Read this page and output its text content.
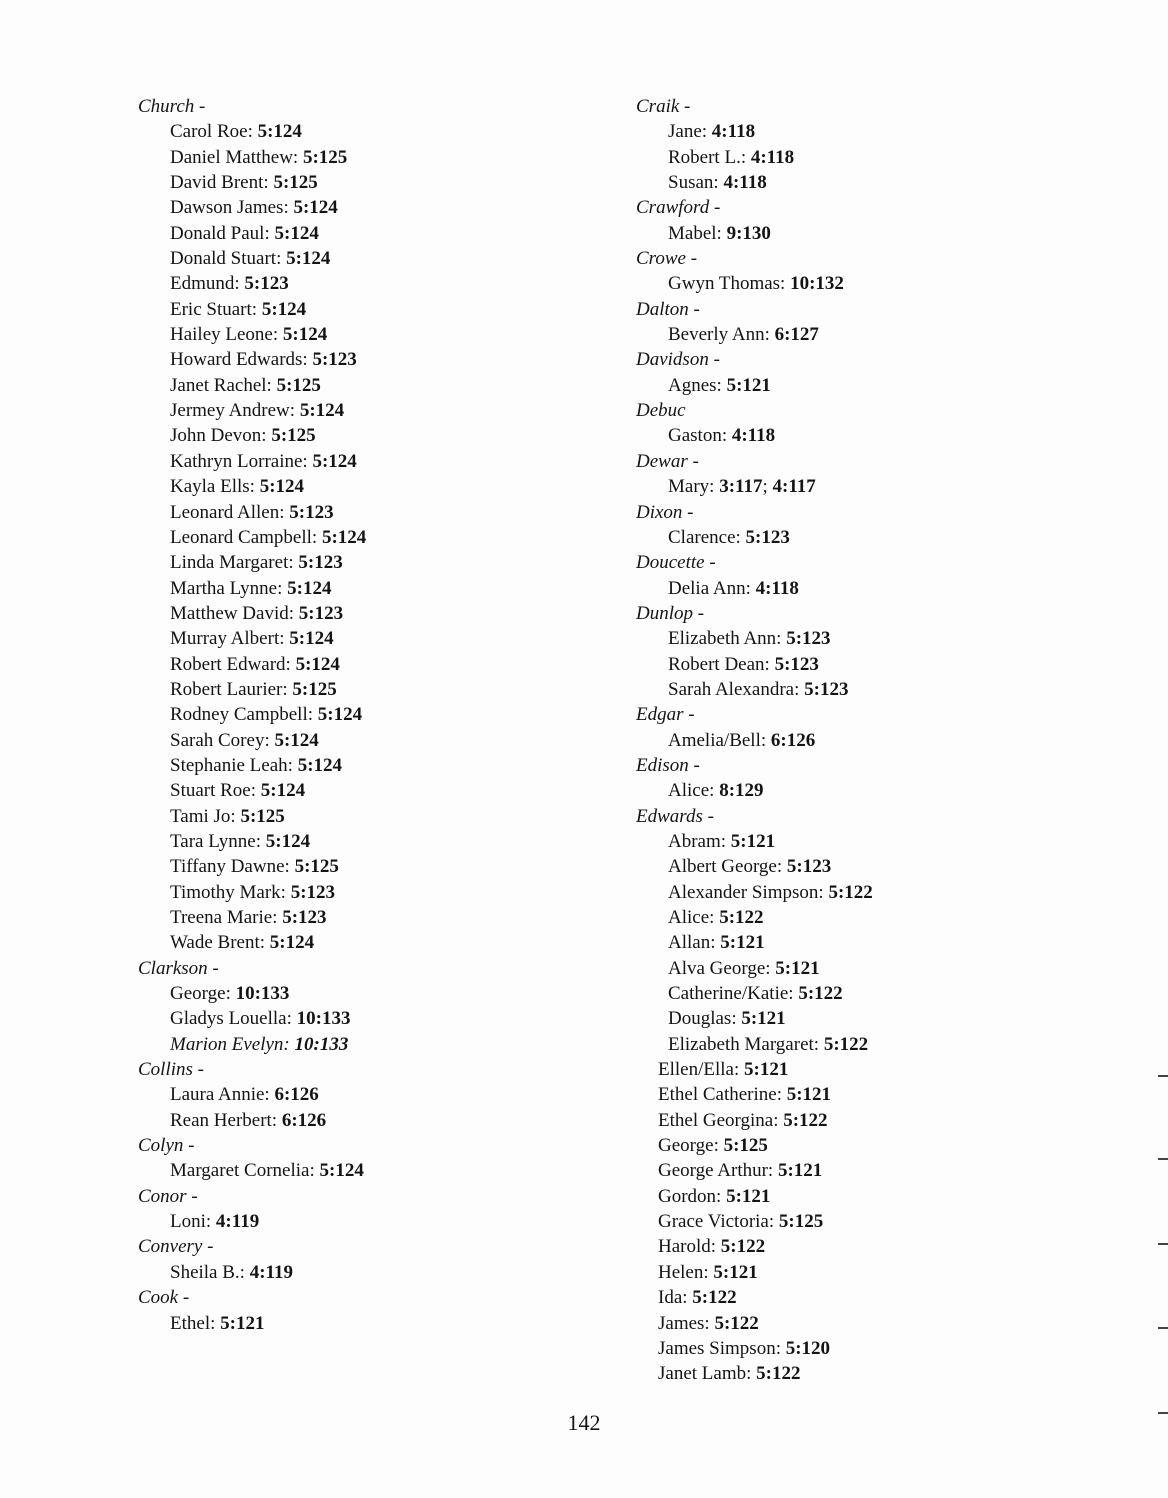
Church -
Carol Roe: 5:124
Daniel Matthew: 5:125
David Brent: 5:125
Dawson James: 5:124
Donald Paul: 5:124
Donald Stuart: 5:124
Edmund: 5:123
Eric Stuart: 5:124
Hailey Leone: 5:124
Howard Edwards: 5:123
Janet Rachel: 5:125
Jermey Andrew: 5:124
John Devon: 5:125
Kathryn Lorraine: 5:124
Kayla Ells: 5:124
Leonard Allen: 5:123
Leonard Campbell: 5:124
Linda Margaret: 5:123
Martha Lynne: 5:124
Matthew David: 5:123
Murray Albert: 5:124
Robert Edward: 5:124
Robert Laurier: 5:125
Rodney Campbell: 5:124
Sarah Corey: 5:124
Stephanie Leah: 5:124
Stuart Roe: 5:124
Tami Jo: 5:125
Tara Lynne: 5:124
Tiffany Dawne: 5:125
Timothy Mark: 5:123
Treena Marie: 5:123
Wade Brent: 5:124
Clarkson -
George: 10:133
Gladys Louella: 10:133
Marion Evelyn: 10:133
Collins -
Laura Annie: 6:126
Rean Herbert: 6:126
Colyn -
Margaret Cornelia: 5:124
Conor -
Loni: 4:119
Convery -
Sheila B.: 4:119
Cook -
Ethel: 5:121
Craik -
Jane: 4:118
Robert L.: 4:118
Susan: 4:118
Crawford -
Mabel: 9:130
Crowe -
Gwyn Thomas: 10:132
Dalton -
Beverly Ann: 6:127
Davidson -
Agnes: 5:121
Debuc
Gaston: 4:118
Dewar -
Mary: 3:117; 4:117
Dixon -
Clarence: 5:123
Doucette -
Delia Ann: 4:118
Dunlop -
Elizabeth Ann: 5:123
Robert Dean: 5:123
Sarah Alexandra: 5:123
Edgar -
Amelia/Bell: 6:126
Edison -
Alice: 8:129
Edwards -
Abram: 5:121
Albert George: 5:123
Alexander Simpson: 5:122
Alice: 5:122
Allan: 5:121
Alva George: 5:121
Catherine/Katie: 5:122
Douglas: 5:121
Elizabeth Margaret: 5:122
Ellen/Ella: 5:121
Ethel Catherine: 5:121
Ethel Georgina: 5:122
George: 5:125
George Arthur: 5:121
Gordon: 5:121
Grace Victoria: 5:125
Harold: 5:122
Helen: 5:121
Ida: 5:122
James: 5:122
James Simpson: 5:120
Janet Lamb: 5:122
142
